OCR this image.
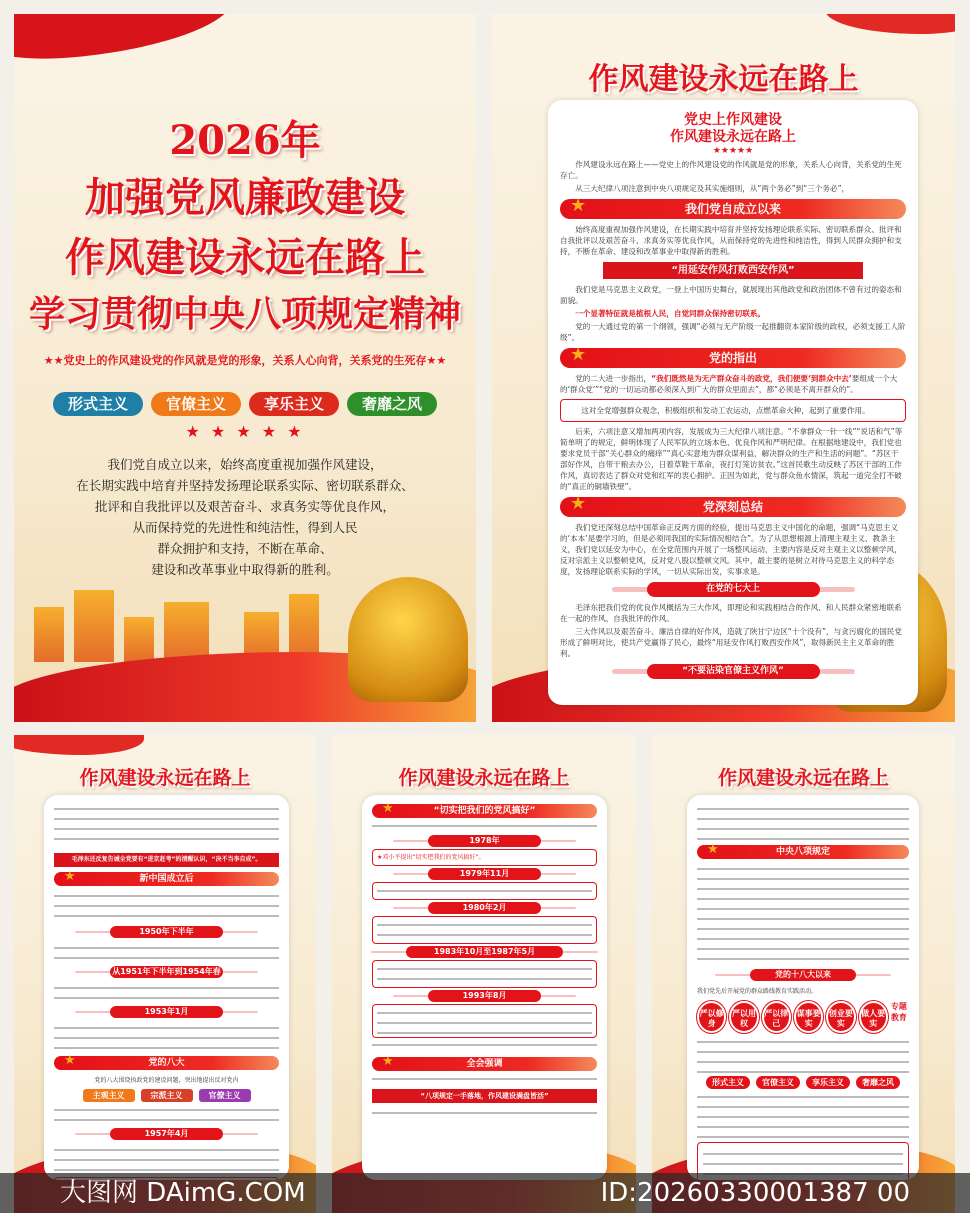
2026年
加强党风廉政建设
作风建设永远在路上
学习贯彻中央八项规定精神
★★党史上的作风建设党的作风就是党的形象，关系人心向背，关系党的生死存★★
形式主义	官僚主义	享乐主义	奢靡之风
★ ★ ★ ★ ★
我们党自成立以来，始终高度重视加强作风建设，
在长期实践中培育并坚持发扬理论联系实际、密切联系群众、
批评和自我批评以及艰苦奋斗、求真务实等优良作风，
从而保持党的先进性和纯洁性，得到人民
群众拥护和支持，不断在革命、
建设和改革事业中取得新的胜利。
作风建设永远在路上
党史上作风建设
作风建设永远在路上
★★★★★

作风建设永远在路上——党史上的作风建设党的作风就是党的形象，关系人心向背，关系党的生死存亡。

从三大纪律八项注意到中央八项规定及其实施细则，从“两个务必”到“三个务必”，

★	我们党自成立以来

始终高度重视加强作风建设，在长期实践中培育并坚持发扬理论联系实际、密切联系群众、批评和自我批评以及艰苦奋斗、求真务实等优良作风，从而保持党的先进性和纯洁性，得到人民群众拥护和支持，不断在革命、建设和改革事业中取得新的胜利。

“用延安作风打败西安作风”

我们党是马克思主义政党，一登上中国历史舞台，就展现出其他政党和政治团体不曾有过的姿态和面貌。

一个显著特征就是植根人民，自觉同群众保持密切联系。

党的一大通过党的第一个纲领，强调“必须与无产阶级一起推翻资本家阶级的政权，必须支援工人阶级”。

★	党的指出

党的二大进一步指出，“我们既然是为无产群众奋斗的政党，我们便要‘到群众中去’要组成一个大的‘群众党’”“党的一切运动都必须深入到广大的群众里面去”，都“必须是不离开群众的”。

这对全党增强群众观念，积极组织和发动工农运动，点燃革命火种，起到了重要作用。

后来，六项注意又增加两项内容，发展成为三大纪律八项注意。“不拿群众一针一线”“说话和气”等简单明了的规定，鲜明体现了人民军队的立场本色、优良作风和严明纪律。在根据地建设中，我们党也要求党员干部“关心群众的痛痒”“真心实意地为群众谋利益，解决群众的生产和生活的问题”。“苏区干部好作风，自带干粮去办公，日着草鞋干革命，夜打灯笼访贫农。”这首民歌生动反映了苏区干部的工作作风，真切表达了群众对党和红军的衷心拥护。正因为如此，党与群众鱼水情深，筑起一道完全打不破的“真正的铜墙铁壁”。

★	党深刻总结

我们党还深刻总结中国革命正反两方面的经验，提出马克思主义中国化的命题，强调“马克思主义的‘本本’是要学习的，但是必须同我国的实际情况相结合”。为了从思想根源上清理主观主义、教条主义，我们党以延安为中心，在全党范围内开展了一场整风运动，主要内容是反对主观主义以整顿学风，反对宗派主义以整顿党风，反对党八股以整顿文风。其中，最主要的是树立对待马克思主义的科学态度，发扬理论联系实际的学风，一切从实际出发，实事求是。

在党的七大上

毛泽东把我们党的优良作风概括为三大作风，即理论和实践相结合的作风、和人民群众紧密地联系在一起的作风、自我批评的作风。

三大作风以及艰苦奋斗、廉洁自律的好作风，造就了陕甘宁边区“十个没有”，与贪污腐化的国民党形成了鲜明对比，使共产党赢得了民心，最终“用延安作风打败西安作风”，取得新民主主义革命的胜利。

“不要沾染官僚主义作风”
作风建设永远在路上
毛泽东还反复告诫全党要有“进京赶考”的清醒认识，“决不当李自成”。
★	新中国成立后
1950年下半年
从1951年下半年到1954年春
1953年1月
★	党的八大
党的八大围绕执政党的建设问题，突出地提出反对党内
主观主义	宗派主义	官僚主义
1957年4月
作风建设永远在路上
★	“切实把我们的党风搞好”
1978年
★邓小平提出“切实把我们的党风搞好”。
1979年11月
1980年2月
1983年10月至1987年5月
1993年8月
★	全会强调
“八项规定一手落地，作风建设满盘皆活”
作风建设永远在路上
★	中央八项规定
党的十八大以来
我们党先后开展党的群众路线教育实践活动。
严以修身
严以用权
严以律己
谋事要实
创业要实
做人要实
专题教育
形式主义	官僚主义	享乐主义	奢靡之风
大图网 DAimG.COM	ID:20260330001387 00
